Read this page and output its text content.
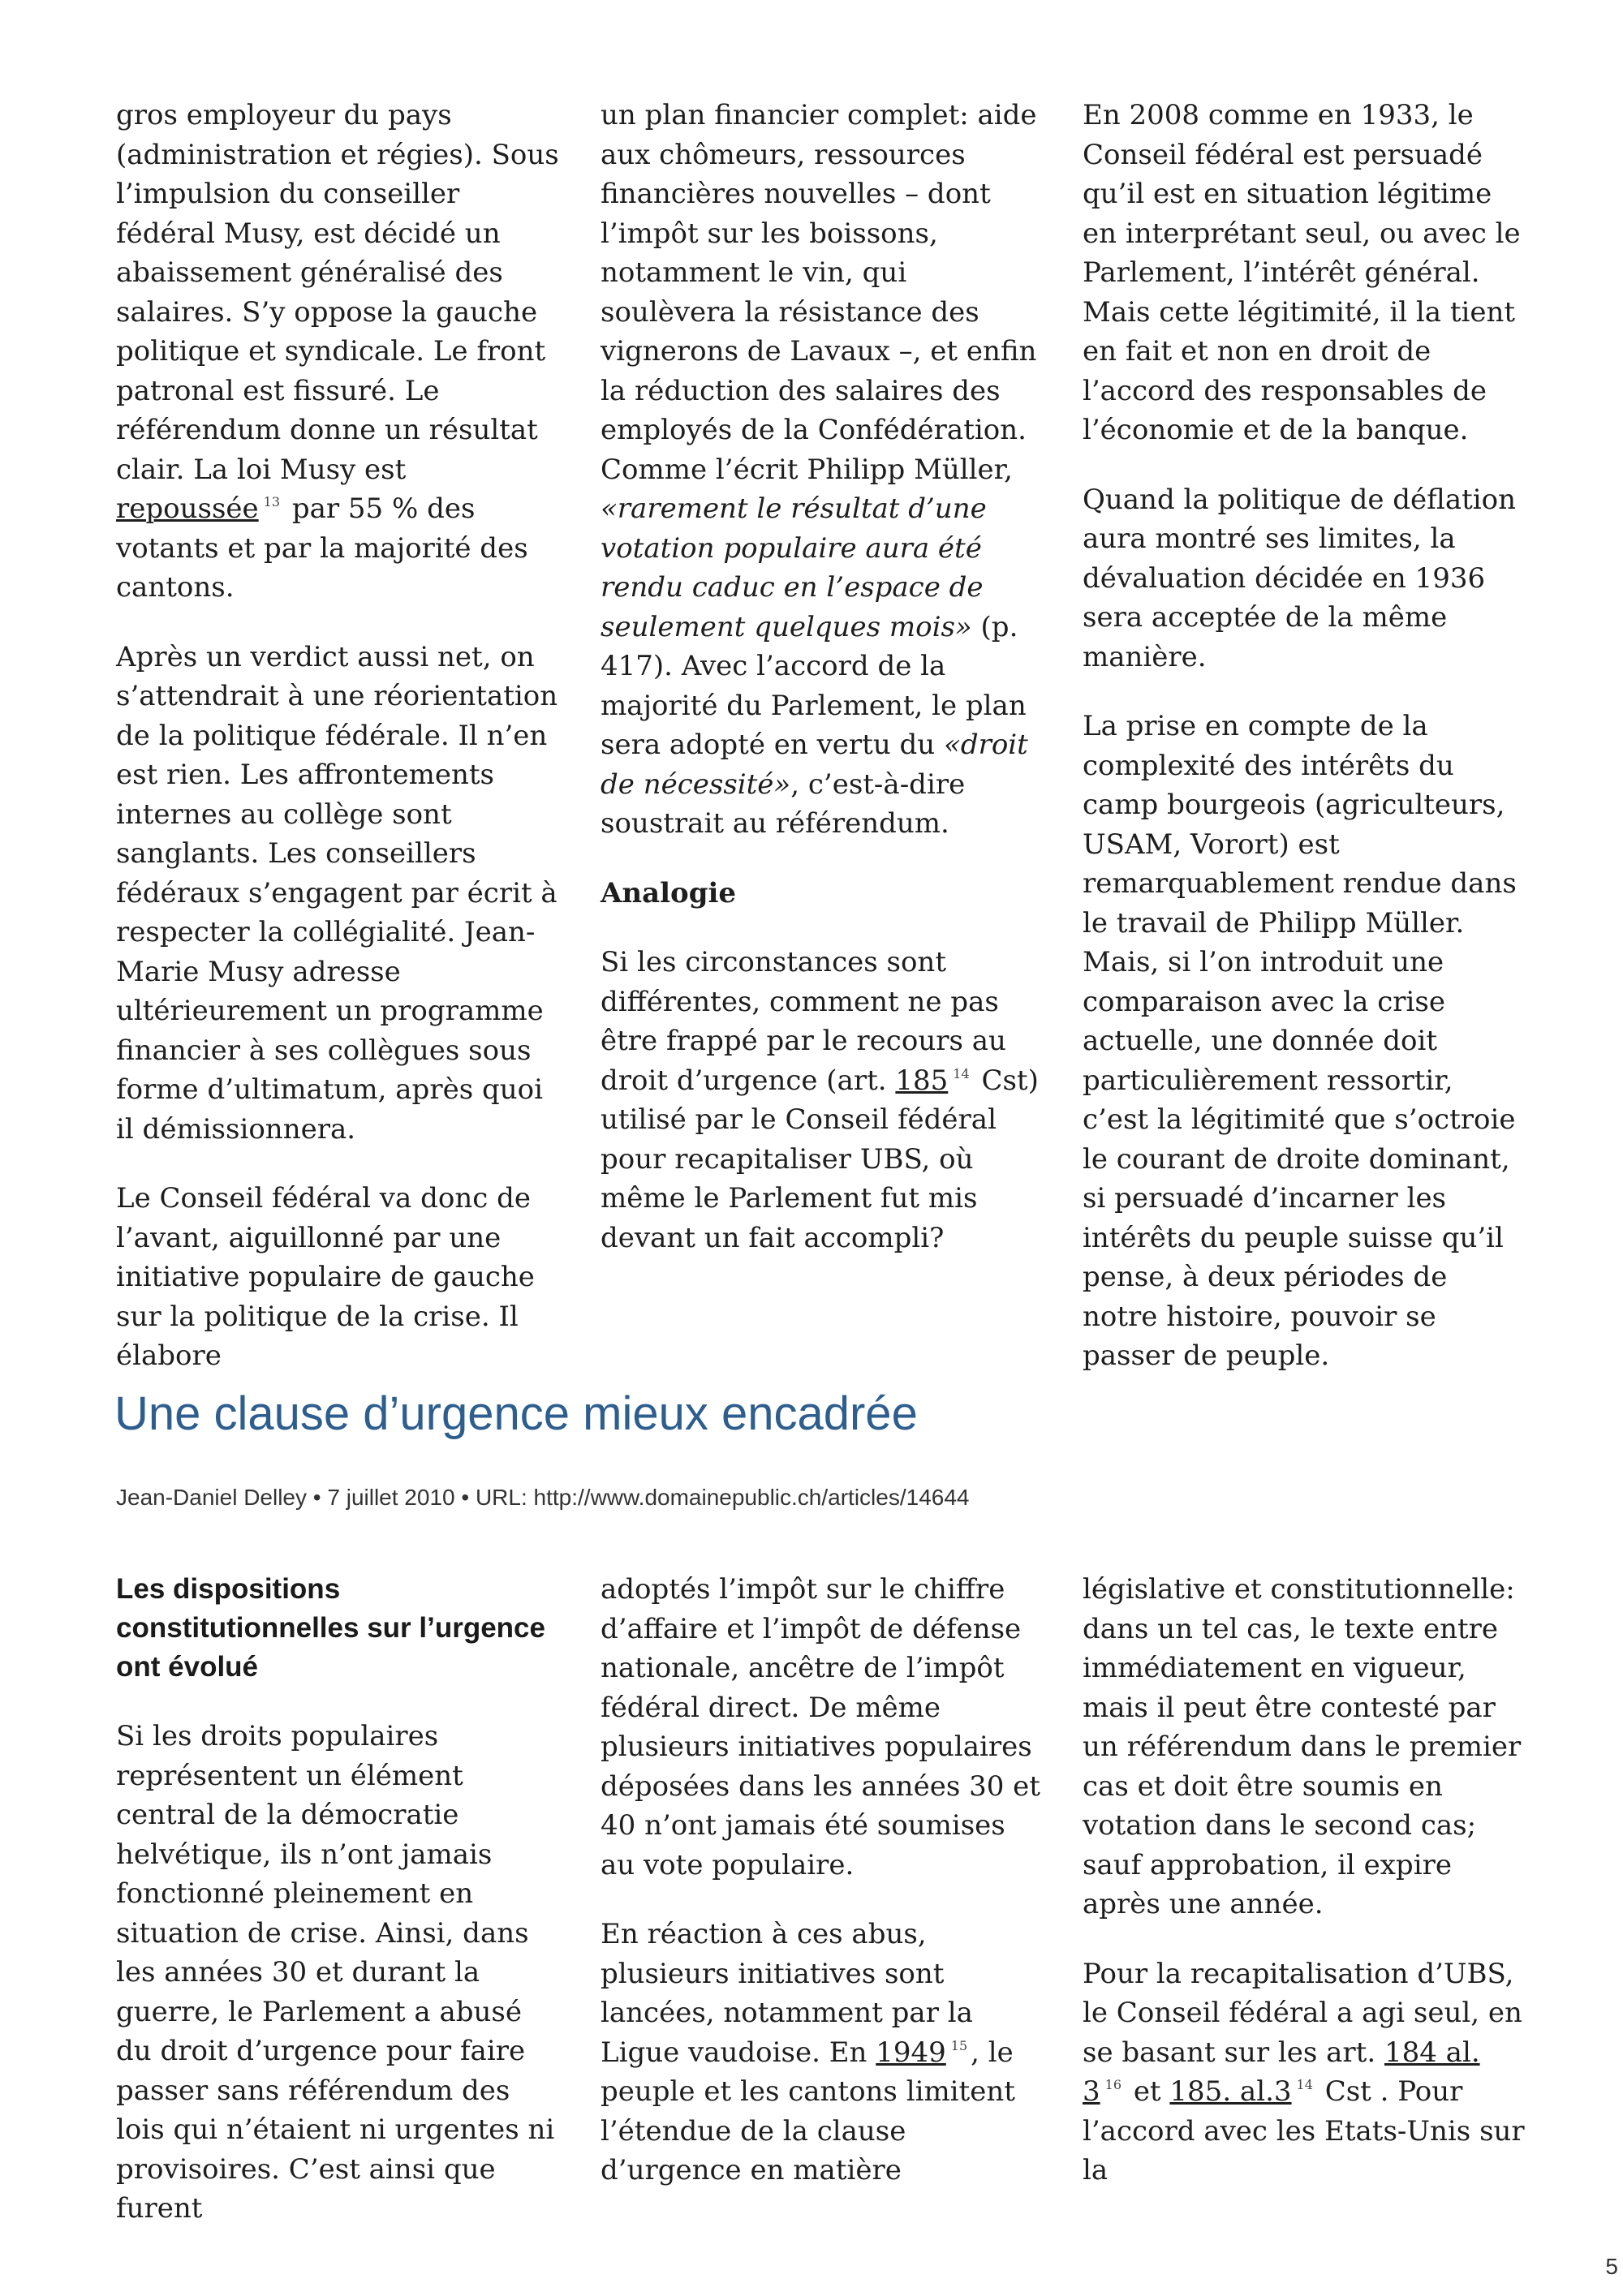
gros employeur du pays (administration et régies). Sous l’impulsion du conseiller fédéral Musy, est décidé un abaissement généralisé des salaires. S’y oppose la gauche politique et syndicale. Le front patronal est fissuré. Le référendum donne un résultat clair. La loi Musy est repoussée $^{13}$ par 55 % des votants et par la majorité des cantons.

Après un verdict aussi net, on s’attendrait à une réorientation de la politique fédérale. Il n’en est rien. Les affrontements internes au collège sont sanglants. Les conseillers fédéraux s’engagent par écrit à respecter la collégialité. Jean-Marie Musy adresse ultérieurement un programme financier à ses collègues sous forme d’ultimatum, après quoi il démissionnera.

Le Conseil fédéral va donc de l’avant, aiguillonné par une initiative populaire de gauche sur la politique de la crise. Il élabore

un plan financier complet: aide aux chômeurs, ressources financières nouvelles – dont l’impôt sur les boissons, notamment le vin, qui soulèvera la résistance des vignerons de Lavaux –, et enfin la réduction des salaires des employés de la Confédération. Comme l’écrit Philipp Müller, «rarement le résultat d’une votation populaire aura été rendu caduc en l’espace de seulement quelques mois» (p. 417). Avec l’accord de la majorité du Parlement, le plan sera adopté en vertu du «droit de nécessité», c’est-à-dire soustrait au référendum.

Analogie

Si les circonstances sont différentes, comment ne pas être frappé par le recours au droit d’urgence (art. 185 $^{14}$ Cst) utilisé par le Conseil fédéral pour recapitaliser UBS, où même le Parlement fut mis devant un fait accompli?

En 2008 comme en 1933, le Conseil fédéral est persuadé qu’il est en situation légitime en interprétant seul, ou avec le Parlement, l’intérêt général. Mais cette légitimité, il la tient en fait et non en droit de l’accord des responsables de l’économie et de la banque.

Quand la politique de déflation aura montré ses limites, la dévaluation décidée en 1936 sera acceptée de la même manière.

La prise en compte de la complexité des intérêts du camp bourgeois (agriculteurs, USAM, Vorort) est remarquablement rendue dans le travail de Philipp Müller. Mais, si l’on introduit une comparaison avec la crise actuelle, une donnée doit particulièrement ressortir, c’est la légitimité que s’octroie le courant de droite dominant, si persuadé d’incarner les intérêts du peuple suisse qu’il pense, à deux périodes de notre histoire, pouvoir se passer de peuple.

Une clause d’urgence mieux encadrée
Jean-Daniel Delley • 7 juillet 2010 • URL: http://www.domainepublic.ch/articles/14644

Les dispositions constitutionnelles sur l’urgence ont évolué

Si les droits populaires représentent un élément central de la démocratie helvétique, ils n’ont jamais fonctionné pleinement en situation de crise. Ainsi, dans les années 30 et durant la guerre, le Parlement a abusé du droit d’urgence pour faire passer sans référendum des lois qui n’étaient ni urgentes ni provisoires. C’est ainsi que furent

adoptés l’impôt sur le chiffre d’affaire et l’impôt de défense nationale, ancêtre de l’impôt fédéral direct. De même plusieurs initiatives populaires déposées dans les années 30 et 40 n’ont jamais été soumises au vote populaire.

En réaction à ces abus, plusieurs initiatives sont lancées, notamment par la Ligue vaudoise. En 1949 $^{15}$ , le peuple et les cantons limitent l’étendue de la clause d’urgence en matière

législative et constitutionnelle: dans un tel cas, le texte entre immédiatement en vigueur, mais il peut être contesté par un référendum dans le premier cas et doit être soumis en votation dans le second cas; sauf approbation, il expire après une année.

Pour la recapitalisation d’UBS, le Conseil fédéral a agi seul, en se basant sur les art. 184 al. 3 $^{16}$ et 185. al.3 $^{14}$ Cst . Pour l’accord avec les Etats-Unis sur la

5
